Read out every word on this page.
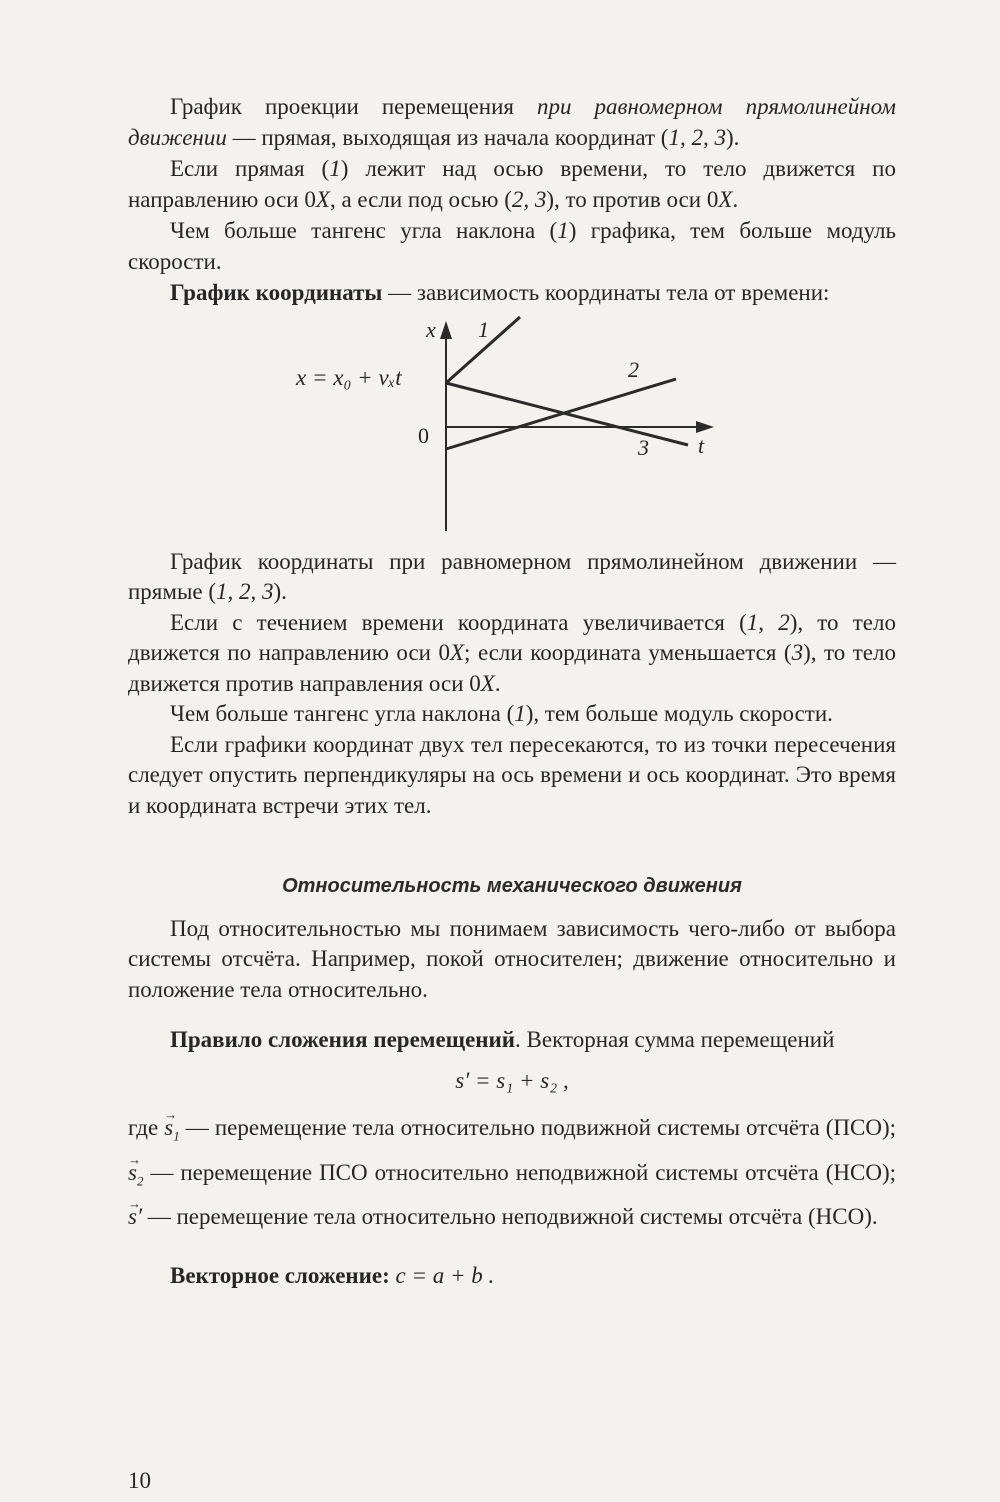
График проекции перемещения при равномерном прямолинейном движении — прямая, выходящая из начала координат (1, 2, 3).

Если прямая (1) лежит над осью времени, то тело движется по направлению оси 0X, а если под осью (2, 3), то против оси 0X.

Чем больше тангенс угла наклона (1) графика, тем больше модуль скорости.

График координаты — зависимость координаты тела от времени:

x
t
0
1
2
3
x = x₀ + vₓt

График координаты при равномерном прямолинейном движении — прямые (1, 2, 3).

Если с течением времени координата увеличивается (1, 2), то тело движется по направлению оси 0X; если координата уменьшается (3), то тело движется против направления оси 0X.

Чем больше тангенс угла наклона (1), тем больше модуль скорости.

Если графики координат двух тел пересекаются, то из точки пересечения следует опустить перпендикуляры на ось времени и ось координат. Это время и координата встречи этих тел.

Относительность механического движения

Под относительностью мы понимаем зависимость чего-либо от выбора системы отсчёта. Например, покой относителен; движение относительно и положение тела относительно.

Правило сложения перемещений. Векторная сумма перемещений

s′ = s₁ + s₂ ,

где → $s_1$ — перемещение тела относительно подвижной системы отсчёта (ПСО); → $s_2$ — перемещение ПСО относительно неподвижной системы отсчёта (НСО); → s′ — перемещение тела относительно неподвижной системы отсчёта (НСО).

Векторное сложение: c = a + b .

10
